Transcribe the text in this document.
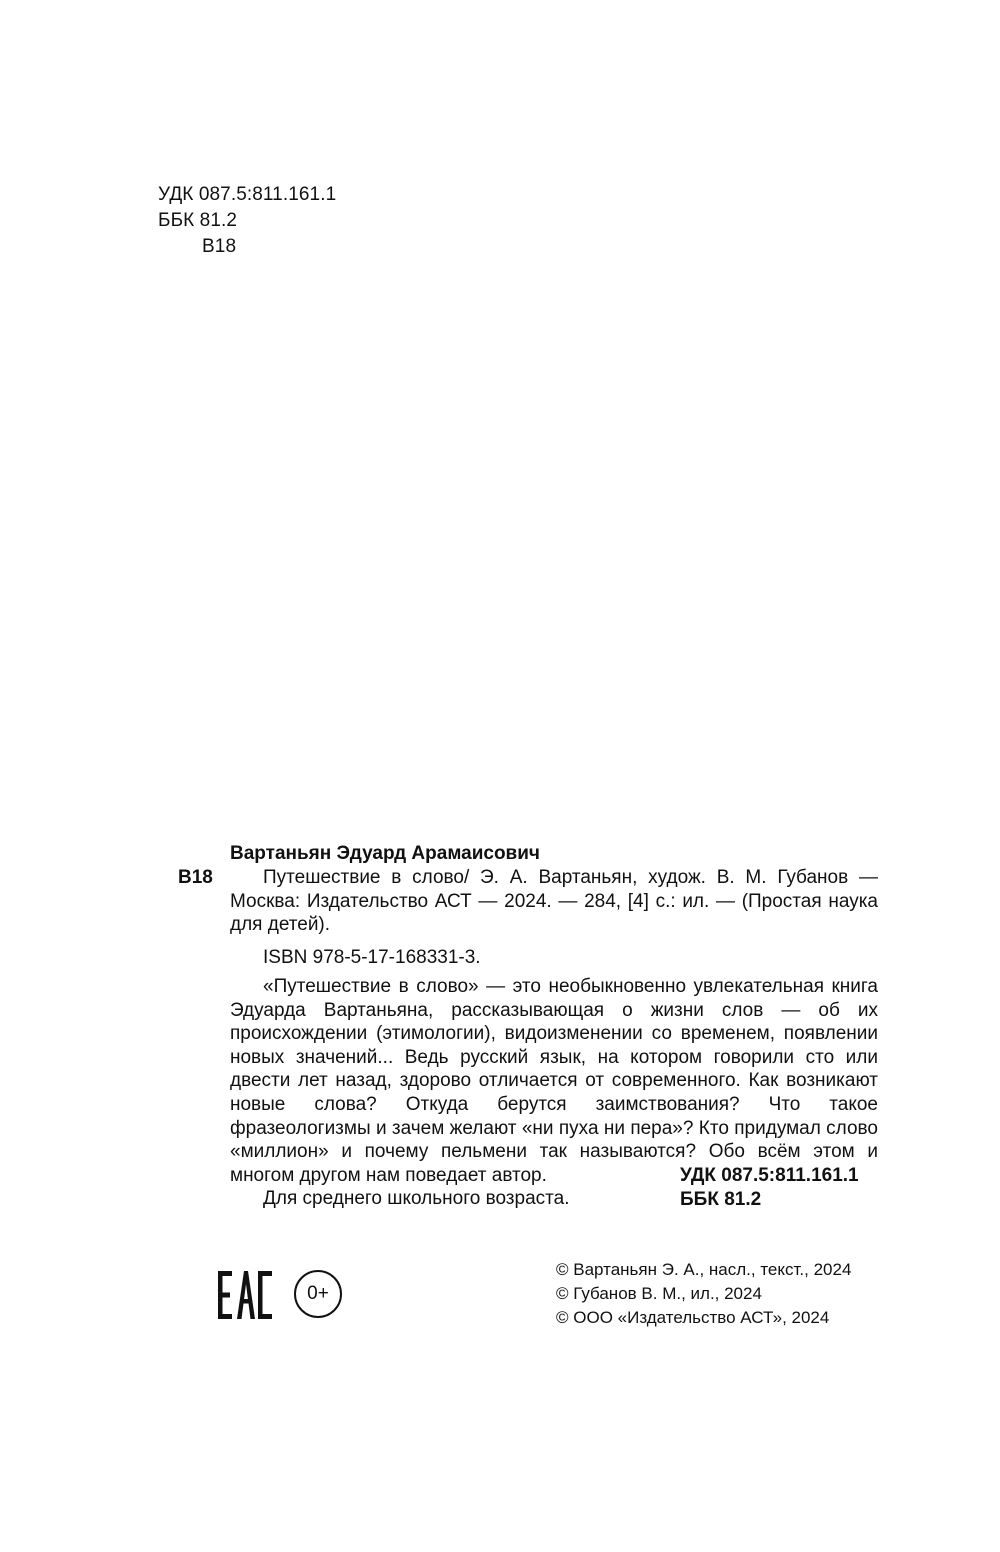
УДК 087.5:811.161.1
ББК 81.2
В18
Вартаньян Эдуард Арамаисович
В18	Путешествие в слово/ Э. А. Вартаньян, худож. В. М. Губанов — Москва: Издательство АСТ — 2024. — 284, [4] с.: ил. — (Простая наука для детей).
ISBN 978-5-17-168331-3.

«Путешествие в слово» — это необыкновенно увлекательная книга Эдуарда Вартаньяна, рассказывающая о жизни слов — об их происхождении (этимологии), видоизменении со временем, появлении новых значений... Ведь русский язык, на котором говорили сто или двести лет назад, здорово отличается от современного. Как возникают новые слова? Откуда берутся заимствования? Что такое фразеологизмы и зачем желают «ни пуха ни пера»? Кто придумал слово «миллион» и почему пельмени так называются? Обо всём этом и многом другом нам поведает автор.

Для среднего школьного возраста.

УДК 087.5:811.161.1
ББК 81.2
0+
© Вартаньян Э. А., насл., текст., 2024
© Губанов В. М., ил., 2024
© ООО «Издательство АСТ», 2024
